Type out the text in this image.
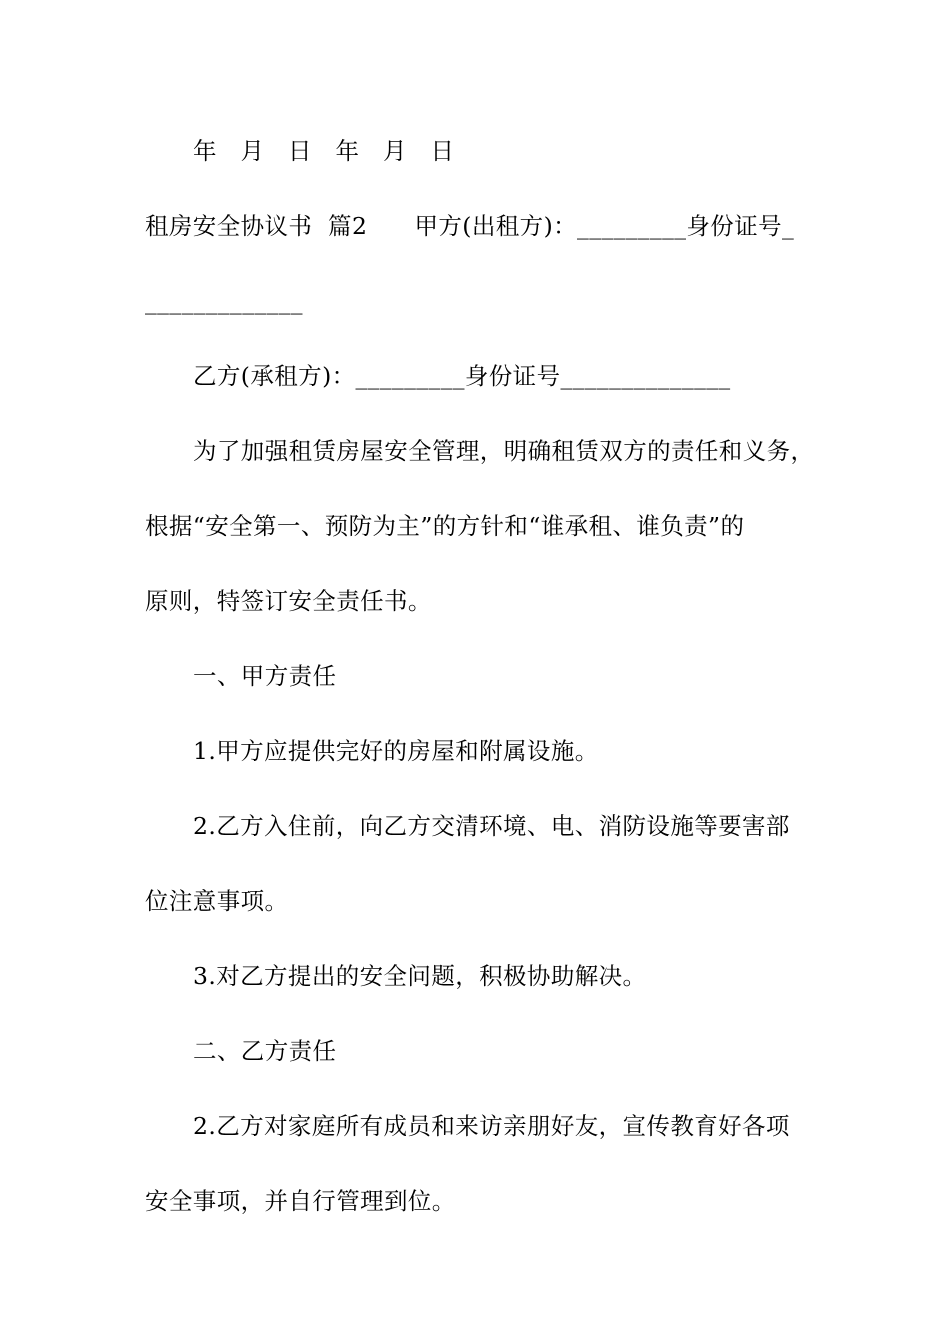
年   月   日   年   月   日
租房安全协议书  篇2      甲方(出租方)：_________身份证号_
_____________
乙方(承租方)：_________身份证号______________
为了加强租赁房屋安全管理，明确租赁双方的责任和义务，
根据“安全第一、预防为主”的方针和“谁承租、谁负责”的
原则，特签订安全责任书。
一、甲方责任
1.甲方应提供完好的房屋和附属设施。
2.乙方入住前，向乙方交清环境、电、消防设施等要害部
位注意事项。
3.对乙方提出的安全问题，积极协助解决。
二、乙方责任
2.乙方对家庭所有成员和来访亲朋好友，宣传教育好各项
安全事项，并自行管理到位。
